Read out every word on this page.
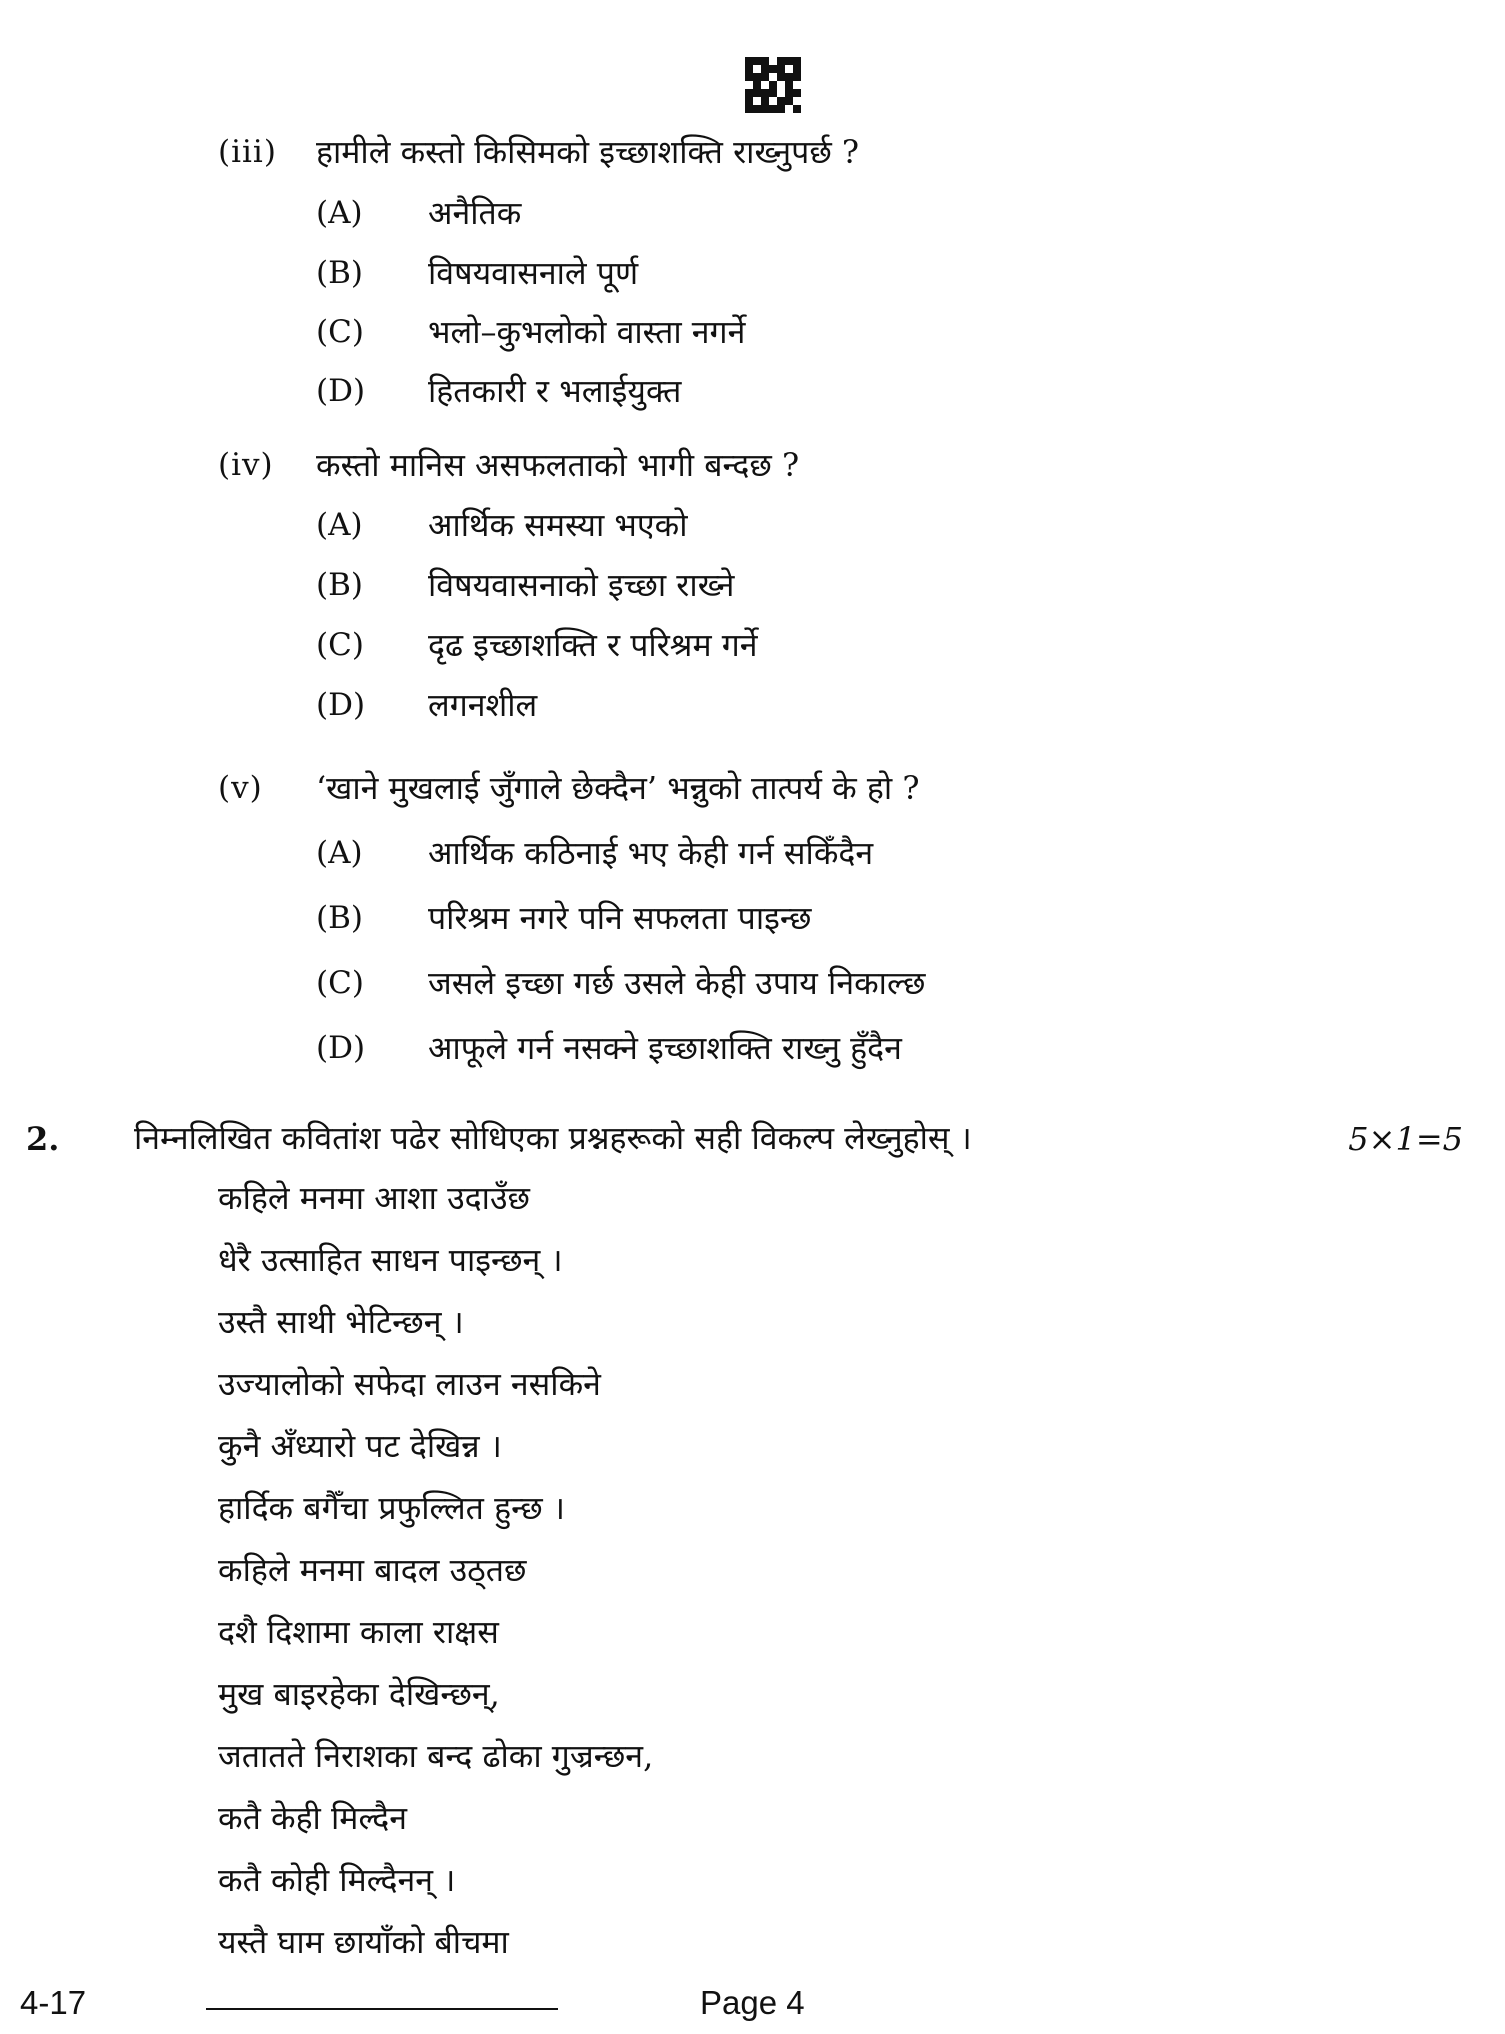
(iii) हामीले कस्तो किसिमको इच्छाशक्ति राख्नुपर्छ ?
(A) अनैतिक
(B) विषयवासनाले पूर्ण
(C) भलो–कुभलोको वास्ता नगर्ने
(D) हितकारी र भलाईयुक्त
(iv) कस्तो मानिस असफलताको भागी बन्दछ ?
(A) आर्थिक समस्या भएको
(B) विषयवासनाको इच्छा राख्ने
(C) दृढ इच्छाशक्ति र परिश्रम गर्ने
(D) लगनशील
(v) ‘खाने मुखलाई जुँगाले छेक्दैन’ भन्नुको तात्पर्य के हो ?
(A) आर्थिक कठिनाई भए केही गर्न सकिँदैन
(B) परिश्रम नगरे पनि सफलता पाइन्छ
(C) जसले इच्छा गर्छ उसले केही उपाय निकाल्छ
(D) आफूले गर्न नसक्ने इच्छाशक्ति राख्नु हुँदैन
2. निम्नलिखित कवितांश पढेर सोधिएका प्रश्नहरूको सही विकल्प लेख्नुहोस् ।	5×1=5
कहिले मनमा आशा उदाउँछ
धेरै उत्साहित साधन पाइन्छन् ।
उस्तै साथी भेटिन्छन् ।
उज्यालोको सफेदा लाउन नसकिने
कुनै अँध्यारो पट देखिन्न ।
हार्दिक बगैँचा प्रफुल्लित हुन्छ ।
कहिले मनमा बादल उठ्तछ
दशै दिशामा काला राक्षस
मुख बाइरहेका देखिन्छन्,
जतातते निराशका बन्द ढोका गुज्रन्छन,
कतै केही मिल्दैन
कतै कोही मिल्दैनन् ।
यस्तै घाम छायाँको बीचमा
4-17	Page 4
